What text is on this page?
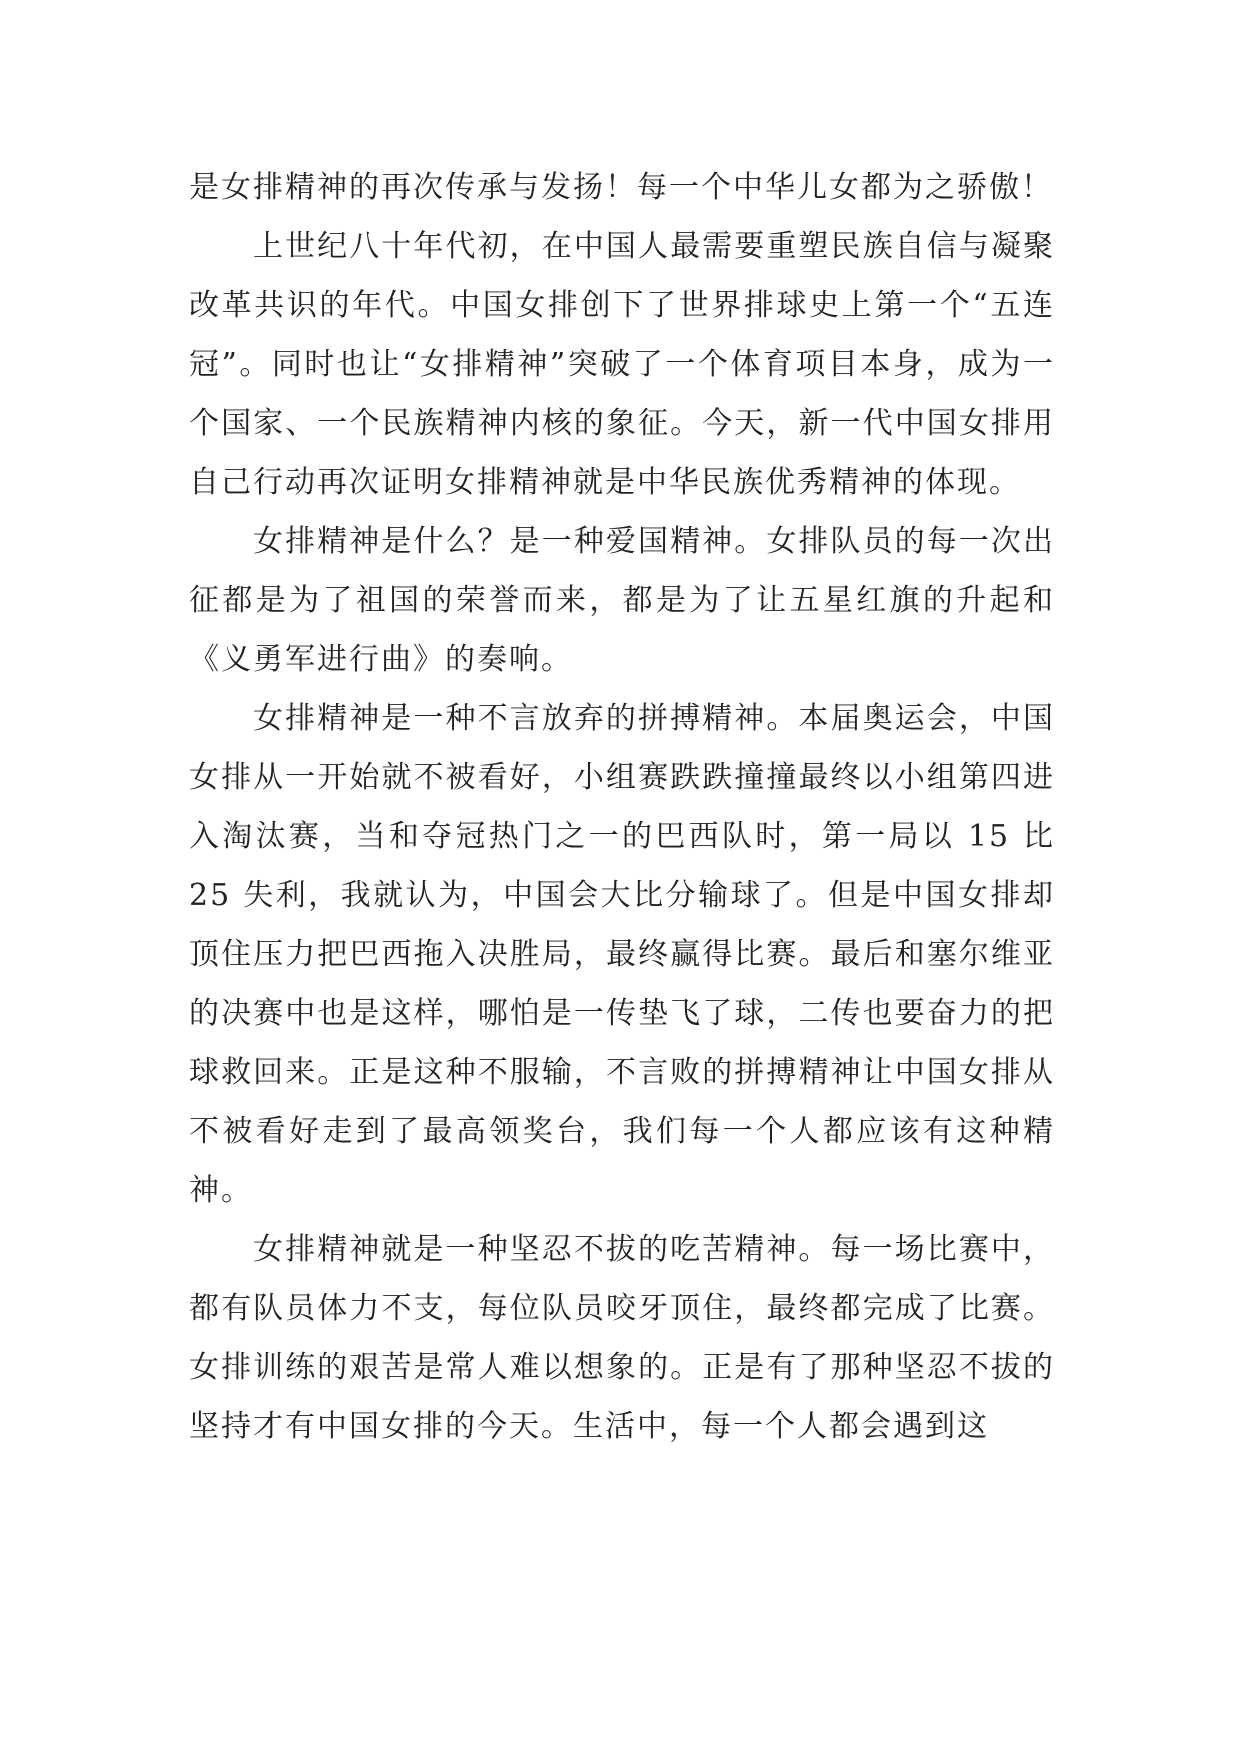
是女排精神的再次传承与发扬！每一个中华儿女都为之骄傲！

上世纪八十年代初，在中国人最需要重塑民族自信与凝聚改革共识的年代。中国女排创下了世界排球史上第一个“五连冠”。同时也让“女排精神”突破了一个体育项目本身，成为一个国家、一个民族精神内核的象征。今天，新一代中国女排用自己行动再次证明女排精神就是中华民族优秀精神的体现。

女排精神是什么？是一种爱国精神。女排队员的每一次出征都是为了祖国的荣誉而来，都是为了让五星红旗的升起和《义勇军进行曲》的奏响。

女排精神是一种不言放弃的拼搏精神。本届奥运会，中国女排从一开始就不被看好，小组赛跌跌撞撞最终以小组第四进入淘汰赛，当和夺冠热门之一的巴西队时，第一局以 15 比 25 失利，我就认为，中国会大比分输球了。但是中国女排却顶住压力把巴西拖入决胜局，最终赢得比赛。最后和塞尔维亚的决赛中也是这样，哪怕是一传垫飞了球，二传也要奋力的把球救回来。正是这种不服输，不言败的拼搏精神让中国女排从不被看好走到了最高领奖台，我们每一个人都应该有这种精神。

女排精神就是一种坚忍不拔的吃苦精神。每一场比赛中，都有队员体力不支，每位队员咬牙顶住，最终都完成了比赛。女排训练的艰苦是常人难以想象的。正是有了那种坚忍不拔的坚持才有中国女排的今天。生活中，每一个人都会遇到这
